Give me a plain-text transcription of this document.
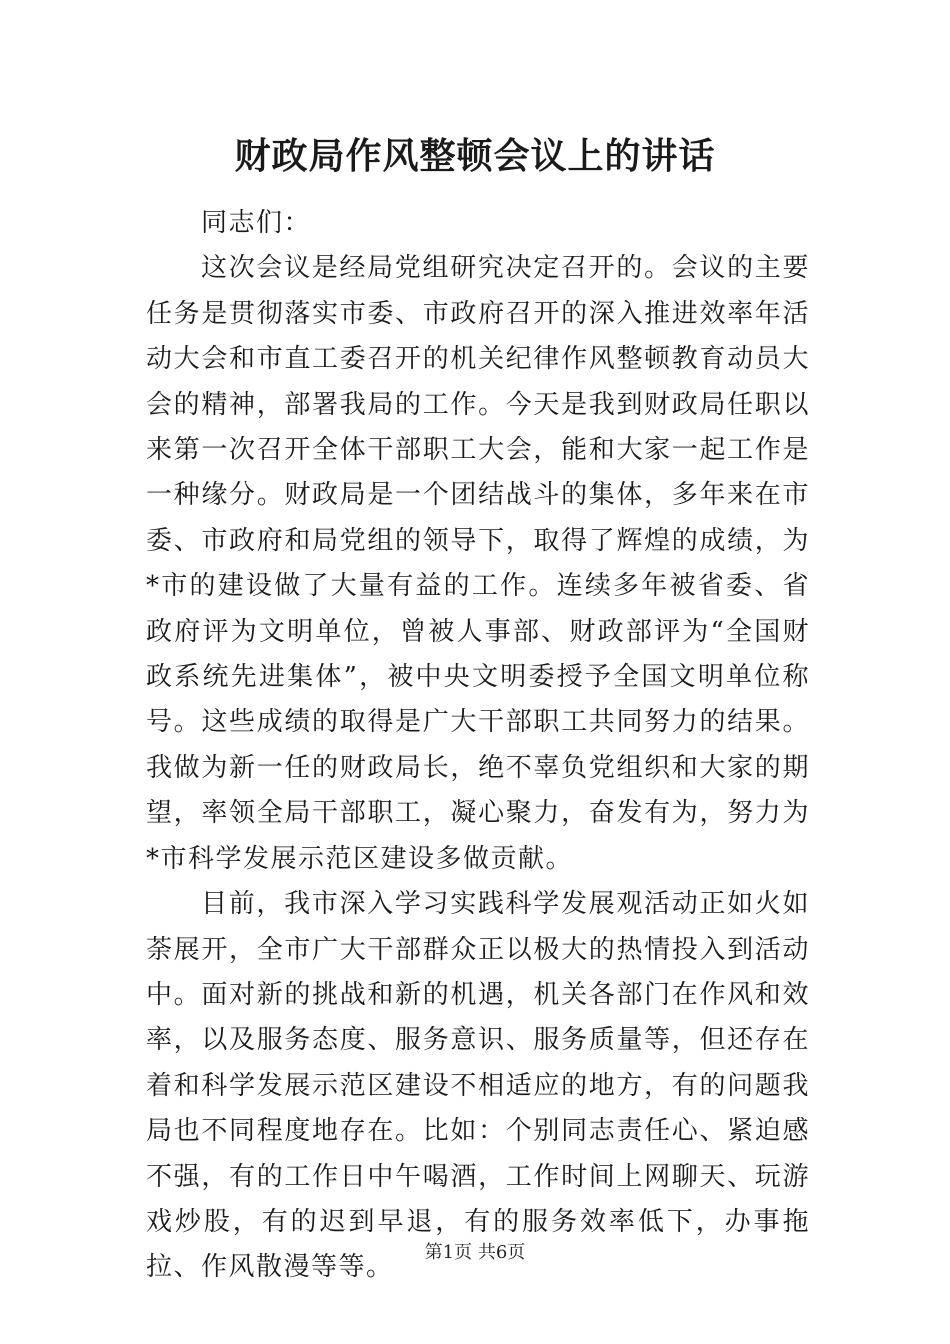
财政局作风整顿会议上的讲话

同志们：

这次会议是经局党组研究决定召开的。会议的主要任务是贯彻落实市委、市政府召开的深入推进效率年活动大会和市直工委召开的机关纪律作风整顿教育动员大会的精神，部署我局的工作。今天是我到财政局任职以来第一次召开全体干部职工大会，能和大家一起工作是一种缘分。财政局是一个团结战斗的集体，多年来在市委、市政府和局党组的领导下，取得了辉煌的成绩，为*市的建设做了大量有益的工作。连续多年被省委、省政府评为文明单位，曾被人事部、财政部评为“全国财政系统先进集体”，被中央文明委授予全国文明单位称号。这些成绩的取得是广大干部职工共同努力的结果。我做为新一任的财政局长，绝不辜负党组织和大家的期望，率领全局干部职工，凝心聚力，奋发有为，努力为*市科学发展示范区建设多做贡献。

目前，我市深入学习实践科学发展观活动正如火如荼展开，全市广大干部群众正以极大的热情投入到活动中。面对新的挑战和新的机遇，机关各部门在作风和效率，以及服务态度、服务意识、服务质量等，但还存在着和科学发展示范区建设不相适应的地方，有的问题我局也不同程度地存在。比如：个别同志责任心、紧迫感不强，有的工作日中午喝酒，工作时间上网聊天、玩游戏炒股，有的迟到早退，有的服务效率低下，办事拖拉、作风散漫等等。	第1页 共6页
